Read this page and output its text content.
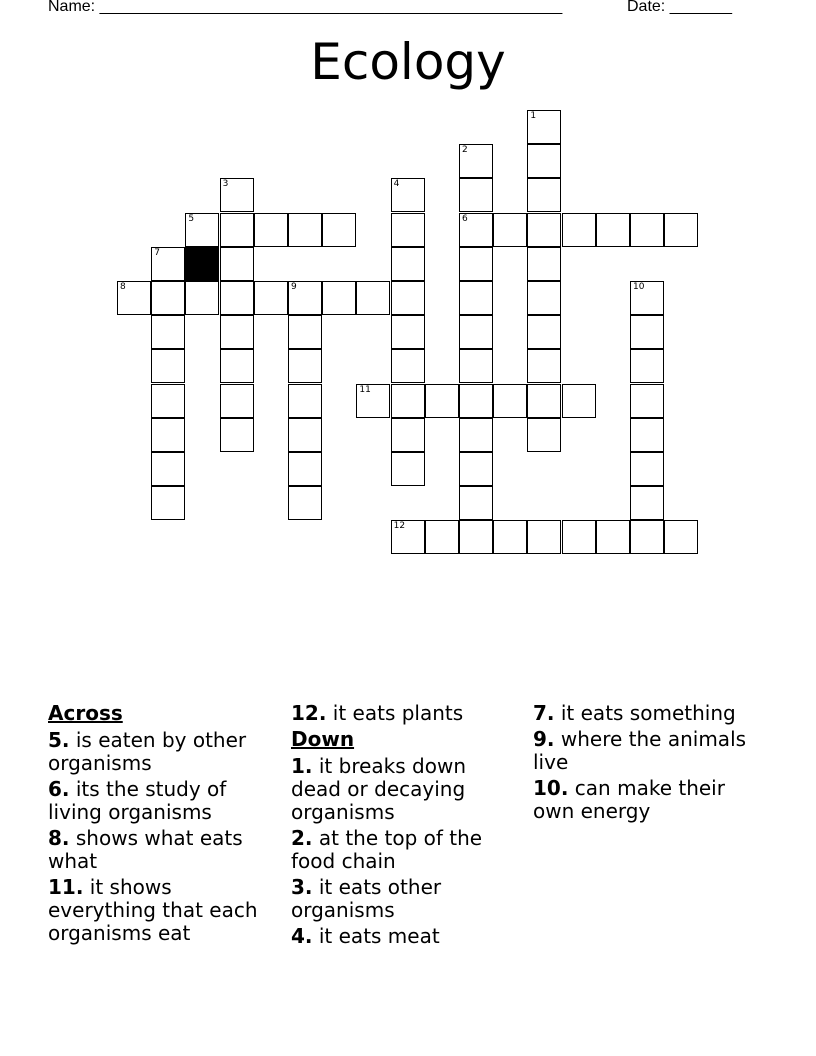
Name: ____________________________________________________	Date: _______
Ecology
1
2
6
3	4
5
7
8	9	10
11
12
Across
5. is eaten by other organisms
6. its the study of living organisms
8. shows what eats what
11. it shows everything that each organisms eat
12. it eats plants
Down
1. it breaks down dead or decaying organisms
2. at the top of the food chain
3. it eats other organisms
4. it eats meat
7. it eats something
9. where the animals live
10. can make their own energy
